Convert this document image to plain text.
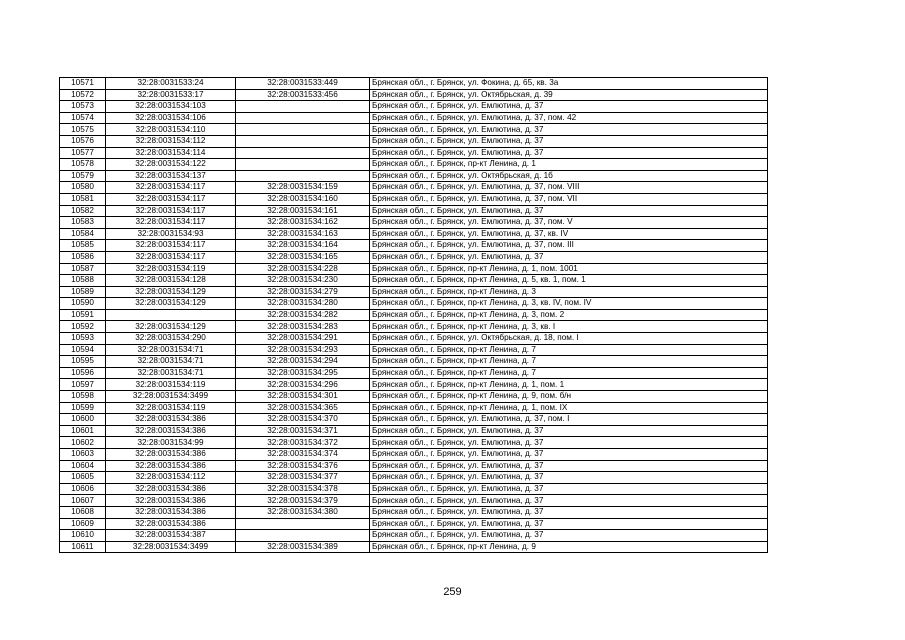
10571	32:28:0031533:24	32:28:0031533:449	Брянская обл., г. Брянск, ул. Фокина, д. 65, кв. 3а
10572	32:28:0031533:17	32:28:0031533:456	Брянская обл., г. Брянск, ул. Октябрьская, д. 39
10573	32:28:0031534:103		Брянская обл., г. Брянск, ул. Емлютина, д. 37
10574	32:28:0031534:106		Брянская обл., г. Брянск, ул. Емлютина, д. 37, пом. 42
10575	32:28:0031534:110		Брянская обл., г. Брянск, ул. Емлютина, д. 37
10576	32:28:0031534:112		Брянская обл., г. Брянск, ул. Емлютина, д. 37
10577	32:28:0031534:114		Брянская обл., г. Брянск, ул. Емлютина, д. 37
10578	32:28:0031534:122		Брянская обл., г. Брянск, пр-кт Ленина, д. 1
10579	32:28:0031534:137		Брянская обл., г. Брянск, ул. Октябрьская, д. 1б
10580	32:28:0031534:117	32:28:0031534:159	Брянская обл., г. Брянск, ул. Емлютина, д. 37, пом. VIII
10581	32:28:0031534:117	32:28:0031534:160	Брянская обл., г. Брянск, ул. Емлютина, д. 37, пом. VII
10582	32:28:0031534:117	32:28:0031534:161	Брянская обл., г. Брянск, ул. Емлютина, д. 37
10583	32:28:0031534:117	32:28:0031534:162	Брянская обл., г. Брянск, ул. Емлютина, д. 37, пом. V
10584	32:28:0031534:93	32:28:0031534:163	Брянская обл., г. Брянск, ул. Емлютина, д. 37, кв. IV
10585	32:28:0031534:117	32:28:0031534:164	Брянская обл., г. Брянск, ул. Емлютина, д. 37, пом. III
10586	32:28:0031534:117	32:28:0031534:165	Брянская обл., г. Брянск, ул. Емлютина, д. 37
10587	32:28:0031534:119	32:28:0031534:228	Брянская обл., г. Брянск, пр-кт Ленина, д. 1, пом. 1001
10588	32:28:0031534:128	32:28:0031534:230	Брянская обл., г. Брянск, пр-кт Ленина, д. 5, кв. 1, пом. 1
10589	32:28:0031534:129	32:28:0031534:279	Брянская обл., г. Брянск, пр-кт Ленина, д. 3
10590	32:28:0031534:129	32:28:0031534:280	Брянская обл., г. Брянск, пр-кт Ленина, д. 3, кв. IV, пом. IV
10591		32:28:0031534:282	Брянская обл., г. Брянск, пр-кт Ленина, д. 3, пом. 2
10592	32:28:0031534:129	32:28:0031534:283	Брянская обл., г. Брянск, пр-кт Ленина, д. 3, кв. I
10593	32:28:0031534:290	32:28:0031534:291	Брянская обл., г. Брянск, ул. Октябрьская, д. 18, пом. I
10594	32:28:0031534:71	32:28:0031534:293	Брянская обл., г. Брянск, пр-кт Ленина, д. 7
10595	32:28:0031534:71	32:28:0031534:294	Брянская обл., г. Брянск, пр-кт Ленина, д. 7
10596	32:28:0031534:71	32:28:0031534:295	Брянская обл., г. Брянск, пр-кт Ленина, д. 7
10597	32:28:0031534:119	32:28:0031534:296	Брянская обл., г. Брянск, пр-кт Ленина, д. 1, пом. 1
10598	32:28:0031534:3499	32:28:0031534:301	Брянская обл., г. Брянск, пр-кт Ленина, д. 9, пом. б/н
10599	32:28:0031534:119	32:28:0031534:365	Брянская обл., г. Брянск, пр-кт Ленина, д. 1, пом. IX
10600	32:28:0031534:386	32:28:0031534:370	Брянская обл., г. Брянск, ул. Емлютина, д. 37, пом. I
10601	32:28:0031534:386	32:28:0031534:371	Брянская обл., г. Брянск, ул. Емлютина, д. 37
10602	32:28:0031534:99	32:28:0031534:372	Брянская обл., г. Брянск, ул. Емлютина, д. 37
10603	32:28:0031534:386	32:28:0031534:374	Брянская обл., г. Брянск, ул. Емлютина, д. 37
10604	32:28:0031534:386	32:28:0031534:376	Брянская обл., г. Брянск, ул. Емлютина, д. 37
10605	32:28:0031534:112	32:28:0031534:377	Брянская обл., г. Брянск, ул. Емлютина, д. 37
10606	32:28:0031534:386	32:28:0031534:378	Брянская обл., г. Брянск, ул. Емлютина, д. 37
10607	32:28:0031534:386	32:28:0031534:379	Брянская обл., г. Брянск, ул. Емлютина, д. 37
10608	32:28:0031534:386	32:28:0031534:380	Брянская обл., г. Брянск, ул. Емлютина, д. 37
10609	32:28:0031534:386		Брянская обл., г. Брянск, ул. Емлютина, д. 37
10610	32:28:0031534:387		Брянская обл., г. Брянск, ул. Емлютина, д. 37
10611	32:28:0031534:3499	32:28:0031534:389	Брянская обл., г. Брянск, пр-кт Ленина, д. 9
259
